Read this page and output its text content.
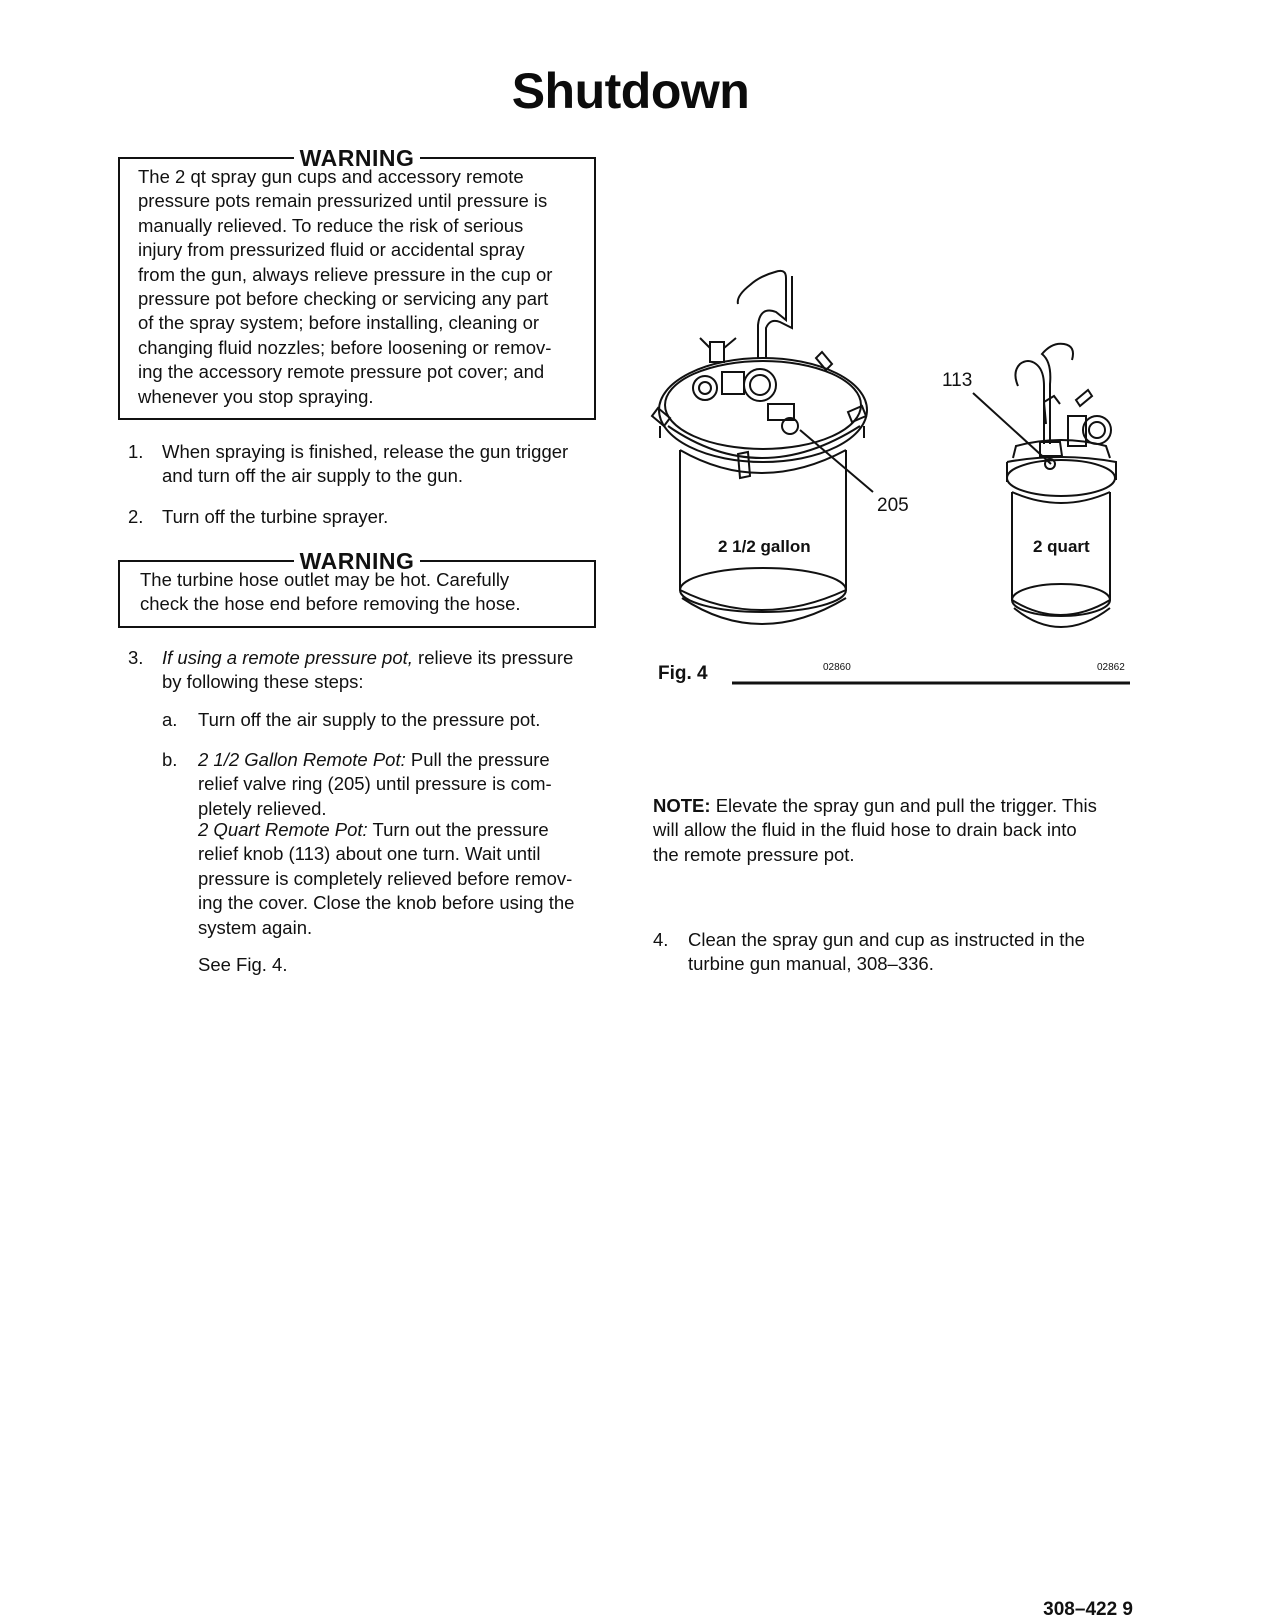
Shutdown
WARNING
The 2 qt spray gun cups and accessory remote
pressure pots remain pressurized until pressure is
manually relieved. To reduce the risk of serious
injury from pressurized fluid or accidental spray
from the gun, always relieve pressure in the cup or
pressure pot before checking or servicing any part
of the spray system; before installing, cleaning or
changing fluid nozzles; before loosening or remov-
ing the accessory remote pressure pot cover; and
whenever you stop spraying.
1. When spraying is finished, release the gun trigger
and turn off the air supply to the gun.
2. Turn off the turbine sprayer.
WARNING
The turbine hose outlet may be hot. Carefully
check the hose end before removing the hose.
3. If using a remote pressure pot, relieve its pressure
by following these steps:
a. Turn off the air supply to the pressure pot.
b. 2 1/2 Gallon Remote Pot: Pull the pressure
relief valve ring (205) until pressure is com-
pletely relieved.
2 Quart Remote Pot: Turn out the pressure
relief knob (113) about one turn. Wait until
pressure is completely relieved before remov-
ing the cover. Close the knob before using the
system again.
See Fig. 4.
2 1/2 gallon	2 quart
205
113
Fig. 4	02860	02862
NOTE: Elevate the spray gun and pull the trigger. This
will allow the fluid in the fluid hose to drain back into
the remote pressure pot.
4. Clean the spray gun and cup as instructed in the
turbine gun manual, 308–336.
308–422 9
